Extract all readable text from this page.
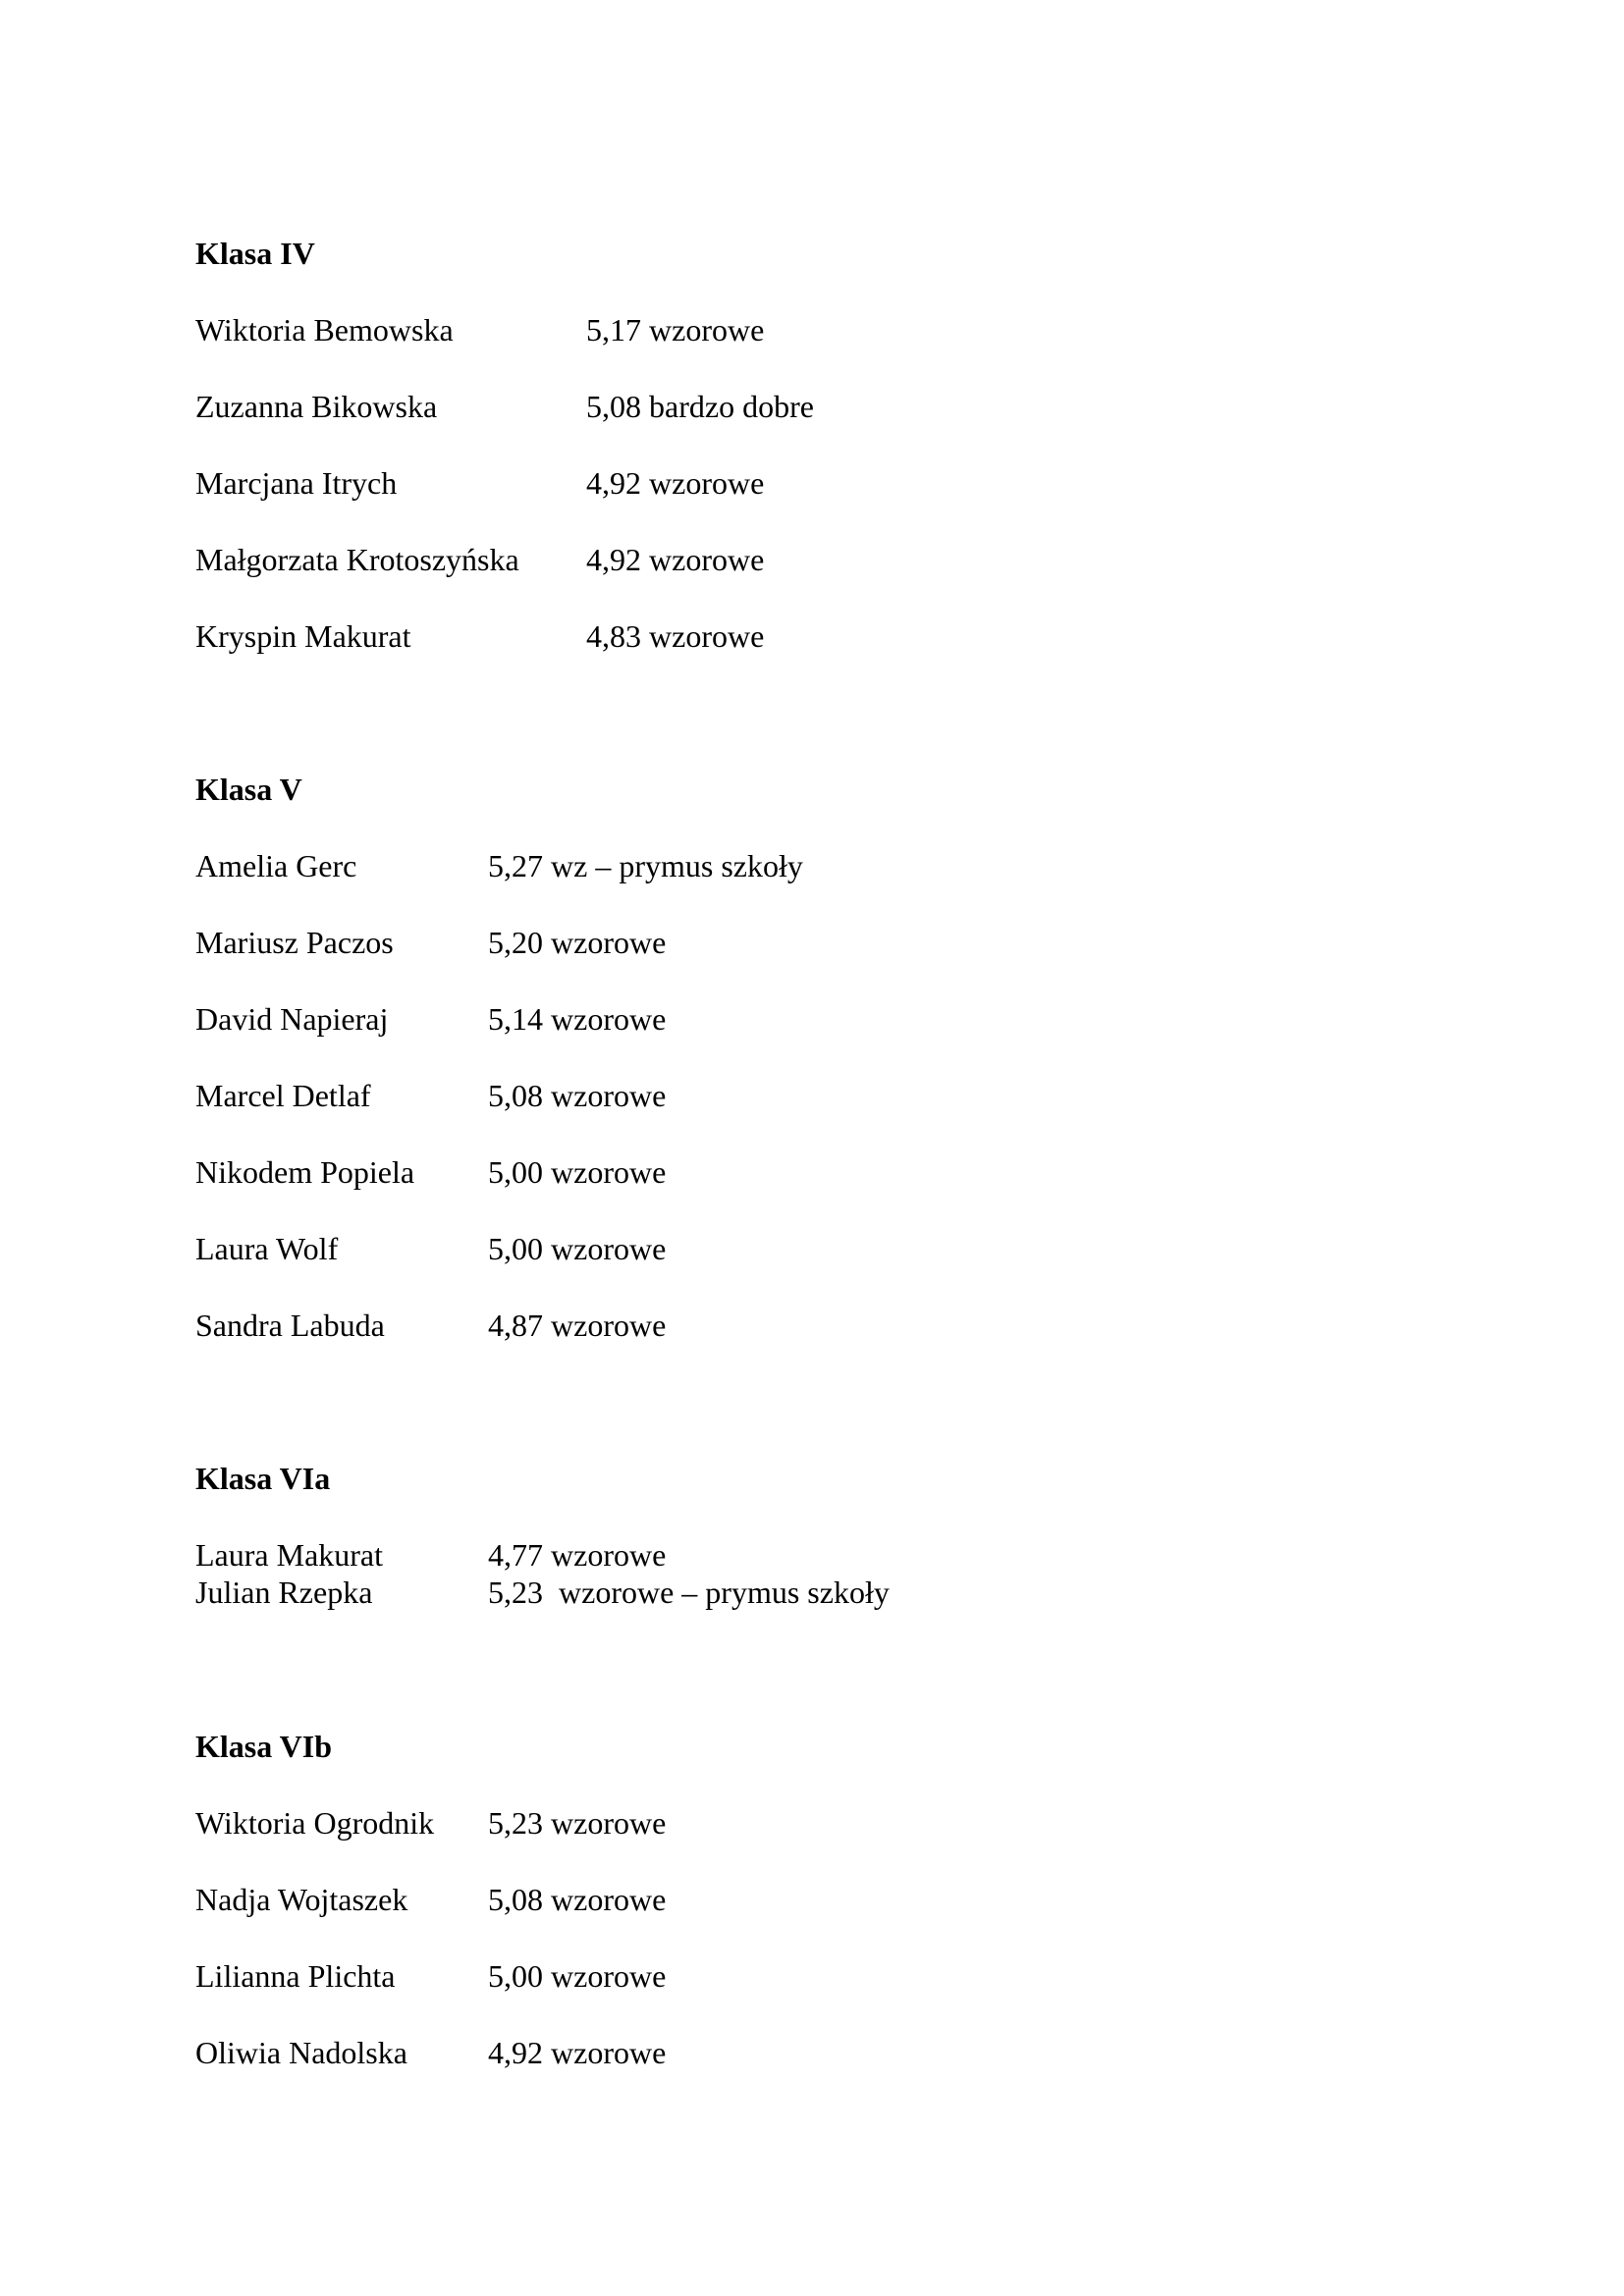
Klasa IV
Wiktoria Bemowska	5,17 wzorowe
Zuzanna Bikowska	5,08 bardzo dobre
Marcjana Itrych	4,92 wzorowe
Małgorzata Krotoszyńska 4,92 wzorowe
Kryspin Makurat	4,83 wzorowe
Klasa V
Amelia Gerc	5,27 wz – prymus szkoły
Mariusz Paczos	5,20 wzorowe
David Napieraj	5,14 wzorowe
Marcel Detlaf	5,08 wzorowe
Nikodem Popiela 5,00 wzorowe
Laura Wolf	5,00 wzorowe
Sandra Labuda	4,87 wzorowe
Klasa VIa
Laura Makurat	4,77 wzorowe
Julian Rzepka	5,23  wzorowe – prymus szkoły
Klasa VIb
Wiktoria Ogrodnik 5,23 wzorowe
Nadja Wojtaszek	5,08 wzorowe
Lilianna Plichta	5,00 wzorowe
Oliwia Nadolska	4,92 wzorowe
